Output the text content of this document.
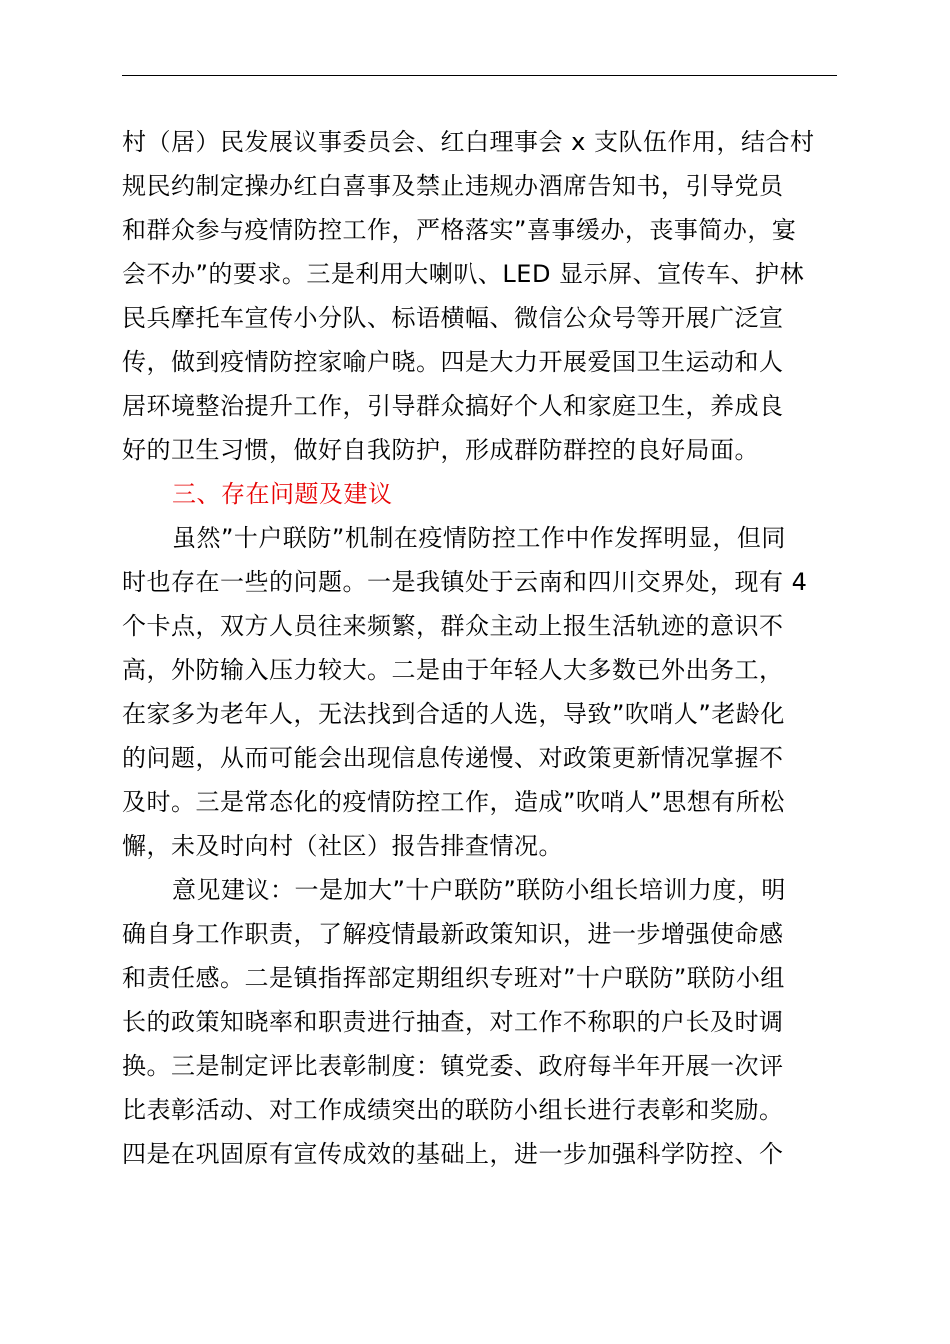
村（居）民发展议事委员会、红白理事会 x 支队伍作用，结合村
规民约制定操办红白喜事及禁止违规办酒席告知书，引导党员
和群众参与疫情防控工作，严格落实”喜事缓办，丧事简办，宴
会不办”的要求。三是利用大喇叭、LED 显示屏、宣传车、护林
民兵摩托车宣传小分队、标语横幅、微信公众号等开展广泛宣
传，做到疫情防控家喻户晓。四是大力开展爱国卫生运动和人
居环境整治提升工作，引导群众搞好个人和家庭卫生，养成良
好的卫生习惯，做好自我防护，形成群防群控的良好局面。
三、存在问题及建议
虽然”十户联防”机制在疫情防控工作中作发挥明显，但同
时也存在一些的问题。一是我镇处于云南和四川交界处，现有 4
个卡点，双方人员往来频繁，群众主动上报生活轨迹的意识不
高，外防输入压力较大。二是由于年轻人大多数已外出务工，
在家多为老年人，无法找到合适的人选，导致”吹哨人”老龄化
的问题，从而可能会出现信息传递慢、对政策更新情况掌握不
及时。三是常态化的疫情防控工作，造成”吹哨人”思想有所松
懈，未及时向村（社区）报告排查情况。
意见建议：一是加大”十户联防”联防小组长培训力度，明
确自身工作职责，了解疫情最新政策知识，进一步增强使命感
和责任感。二是镇指挥部定期组织专班对”十户联防”联防小组
长的政策知晓率和职责进行抽查，对工作不称职的户长及时调
换。三是制定评比表彰制度：镇党委、政府每半年开展一次评
比表彰活动、对工作成绩突出的联防小组长进行表彰和奖励。
四是在巩固原有宣传成效的基础上，进一步加强科学防控、个
